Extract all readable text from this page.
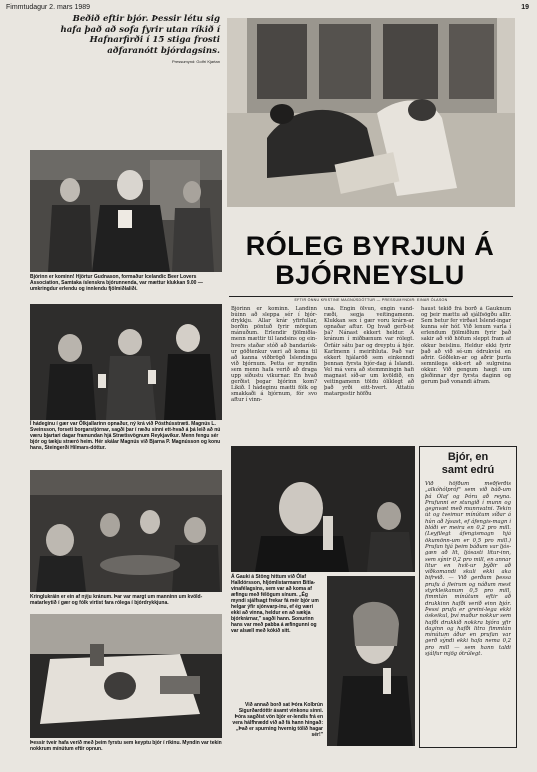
Fimmtudagur 2. mars 1989	19
Beðið eftir bjór. Þessir létu sig hafa það að sofa fyrir utan ríkið í Hafnarfirði í 15 stiga frosti aðfaranótt bjórdagsins.
Pressumynd: Golfrí Kjartan
Bjórinn er kominn! Hjörtur Gudnason, formaður Icelandic Beer Lovers Association, Samtaka íslenskra bjórunnenda, var mættur klukkan 9.00 — umkringdur erlendu og innlendu fjölmiðlaliði.
RÓLEG BYRJUN Á
BJÓRNEYSLU
EFTIR ÖNNU KRISTINE MAGNÚSDÓTTUR — PRESSUMYNDIR: EINAR ÓLASON
Í hádeginu í gær var Ölkjallarinn opnaður, ný krá við Pósthússtræti. Magnús L. Sveinsson, forseti borgarstjórnar, sagði þar í ræðu sinni ett-hvað á þá leið að nú væru bjartari dagar framundan hjá Strætisvögnum Reykjavíkur. Menn fengu sér bjór og tækju stræró heim. Hér skálar Magnús við Bjarna P. Magnússon og konu hans, Steingerði Hilmars-dóttur.
Bjórinn er kominn. Landinn búinn að sleppa sér í bjór-drykkju. Allar krár yfirfullar, borðin pöntuð fyrir mörgum mánuðum. Erlendir fjölmiðla-menn mættir til landsins og ein-hvers staðar stóð að bandarísk-ur göðtenkur væri að koma til að kanna viðbrögð Íslendinga við bjórnum. Þetta er myndin sem menn hafa verið að draga upp síðustu vikurnar. En hvað gerðist þegar bjórinn kom? Líkið. Í hádeginu mætti fólk og smakkaði á bjórnum, fór svo aftur í vinn-
una. Engin ölvun, engin vand-ræði, segja veitingamenn. Klukkan sex í gær voru krárn-ar opnaðar aftur. Og hvað gerð-ist þá? Nánast ekkert heldur. Á kránum í miðbænum var rólegt. Örfáir sátu þar og dreyptu á bjór. Karlmenn í meirihluta. Það var ekkert hjálaröð sem einkenndi þennan fyrsta bjór-dag á Íslandi. Vel má vera að stemmningin hafi magnast síð-ar um kvöldið, en veitingamenn töldu ólíklegt að það yrði eitt-hvert. Áttatíu matargestir höfðu
haust tekið frá borð á Gauknum og þeir mættu að sjálfsögðu allir. Sem betur fer virðast Íslend-ingar kunna sér hóf. Við lenum varla í erlendum fjölmiðlum fyrir það sakir að við höfum sleppt fram af okkur beislinu. Heldur ekki fyrir það að við sé-um ódrukvísi en aðrir. Góðlekn-ar og aðrir þurfa semnilega ekk-ert að sulgreina okkur. Við gengum hægt um gleðinnar dyr fyrsta daginn og gerum það vonandi áfram.
Kringlukráin er ein af nýju kránum. Þar var margt um manninn um kvöld-matarleytið í gær og fólk virtist fara rólega í bjórdrykkjuna.
Þessir tveir hafa verið með þeim fyrstu sem keyptu bjór í ríkinu. Myndin var tekin nokkrum mínútum eftir opnun.
Á Gauki á Stöng hittum við Ólaf Halldórsson, hljómlistarmann Bítla-vinafélagsins, sem var að koma af æfingu með félögum sínum. „Ég myndi sjálfsagt frekar fá mér bjór um helgar ýfir sjónvarp-inu, ef ég væri ekki að vinna, heldur en að sækja bjórkrárnar," sagði hann. Sonurinn hans var með pabba á æfingunni og var alsæll með kókið sitt.
Við annað borð sat Þóra Kolbrún Sigurðardóttir ásamt vinkonu sinni. Þóra sagðist vön bjór er-lendis frá en vera hálfhrædd við að fá hann hingað: „Það er spurning hvernig tölið hagar sér!"
Bjór, en
samt edrú
Við höfðum meðferðis „alkóhólpróf" sem við báð-um þá Ólaf og Þóru að reyna. Prufunni er stungið í munn og gegnvæt með munnvatni. Tekin út og tveimur mínútum síðar á hún að lýsast, ef áfengis-magn í blóði er meira en 0,2 pro mill. (Leyfilegt áfengismagn hjá ökumönn-um er 0,5 pro mill.) Prufan hjá þeim báðum var ljós-gæn að lit, ljósasti litur-inn, sem sýnir 0,2 pro mill, en annar litur en hvít-ur þýðir að viðkomandi skuli ekki aka bifreið. — Við gerðum þessa prufu á fleirum og náðum mest styrkleikanum 0,5 pro mill, fimmtán mínútum eftir að drukkinn hafði verið einn bjór. Þessi prufa er greini-lega ekki óskeikul, því maður nokkur sem hafði drukkið nokkra bjóra yfir daginn og hafði litra fimmtán mínútum áður en prufan var gerð sýndi ekki hafa nema 0,2 pro mill — sem hann taldi sjálfur mjög ótrúlegt.
